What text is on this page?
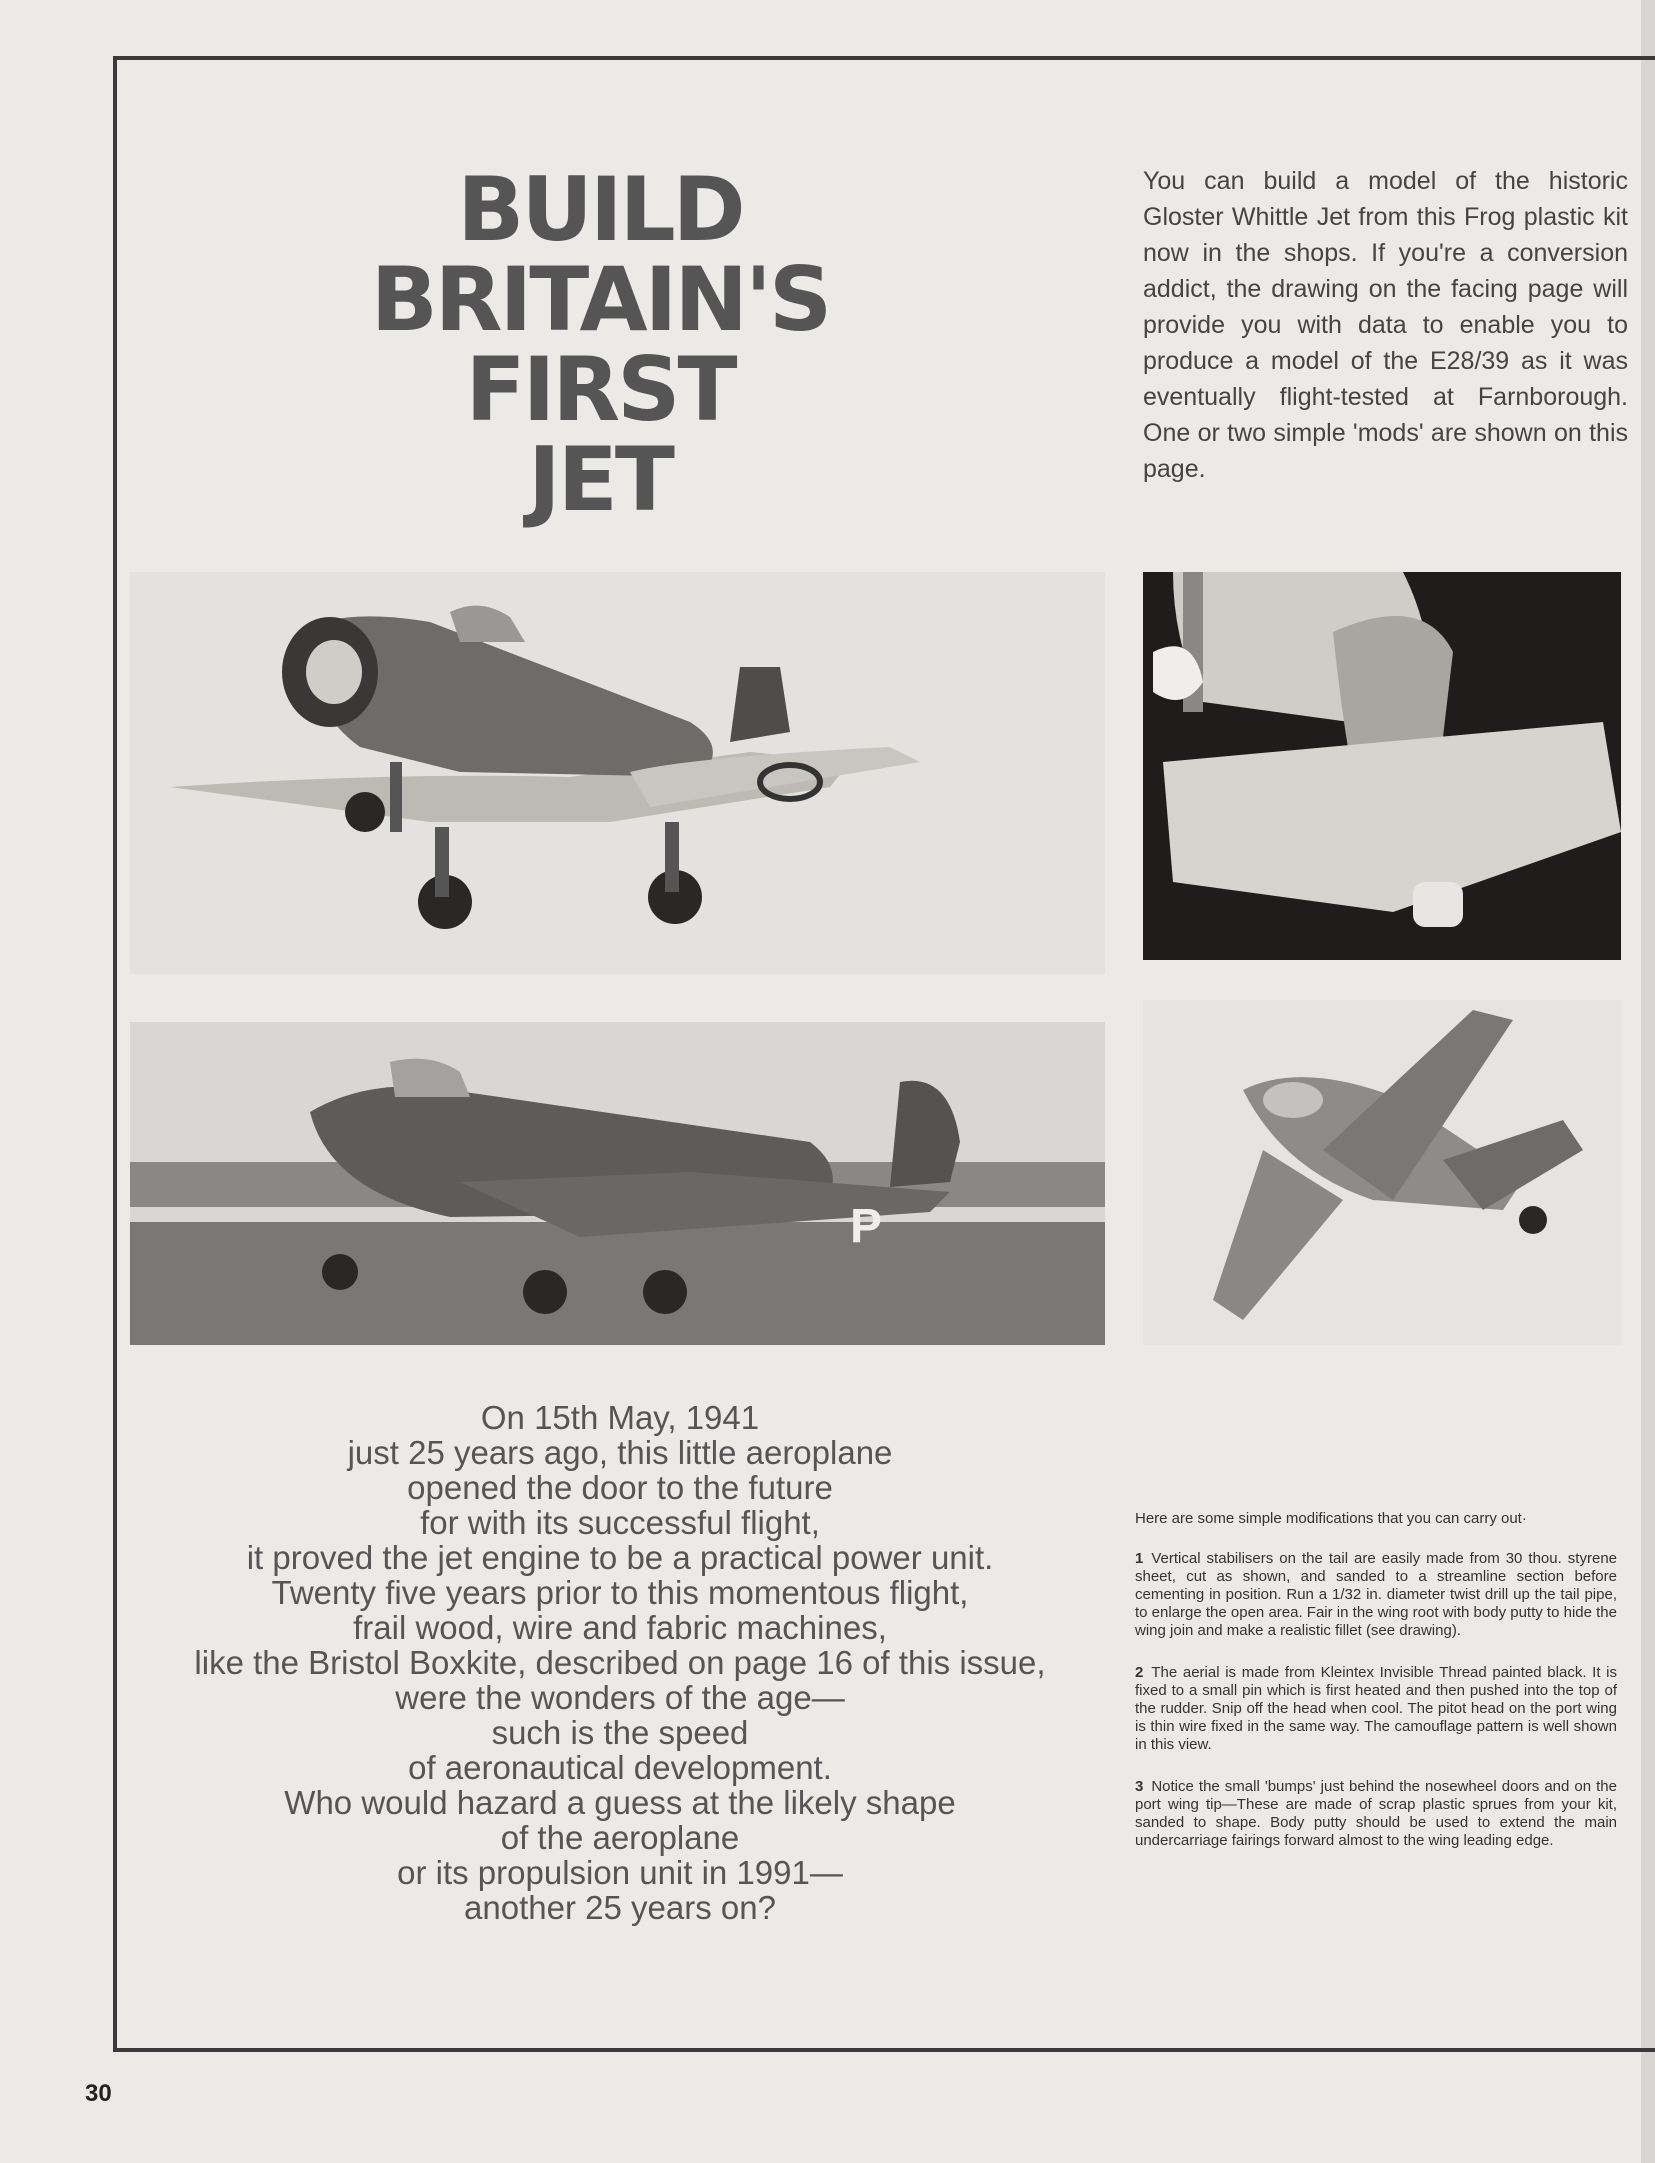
BUILD
BRITAIN'S
FIRST
JET
You can build a model of the historic Gloster Whittle Jet from this Frog plastic kit now in the shops. If you're a conversion addict, the drawing on the facing page will provide you with data to enable you to produce a model of the E28/39 as it was eventually flight-tested at Farnborough. One or two simple 'mods' are shown on this page.
P
On 15th May, 1941
just 25 years ago, this little aeroplane
opened the door to the future
for with its successful flight,
it proved the jet engine to be a practical power unit.
Twenty five years prior to this momentous flight,
frail wood, wire and fabric machines,
like the Bristol Boxkite, described on page 16 of this issue,
were the wonders of the age—
such is the speed
of aeronautical development.
Who would hazard a guess at the likely shape
of the aeroplane
or its propulsion unit in 1991—
another 25 years on?
Here are some simple modifications that you can carry out·

1 Vertical stabilisers on the tail are easily made from 30 thou. styrene sheet, cut as shown, and sanded to a streamline section before cementing in position. Run a 1/32 in. diameter twist drill up the tail pipe, to enlarge the open area. Fair in the wing root with body putty to hide the wing join and make a realistic fillet (see drawing).

2 The aerial is made from Kleintex Invisible Thread painted black. It is fixed to a small pin which is first heated and then pushed into the top of the rudder. Snip off the head when cool. The pitot head on the port wing is thin wire fixed in the same way. The camouflage pattern is well shown in this view.

3 Notice the small 'bumps' just behind the nosewheel doors and on the port wing tip—These are made of scrap plastic sprues from your kit, sanded to shape. Body putty should be used to extend the main undercarriage fairings forward almost to the wing leading edge.

30
